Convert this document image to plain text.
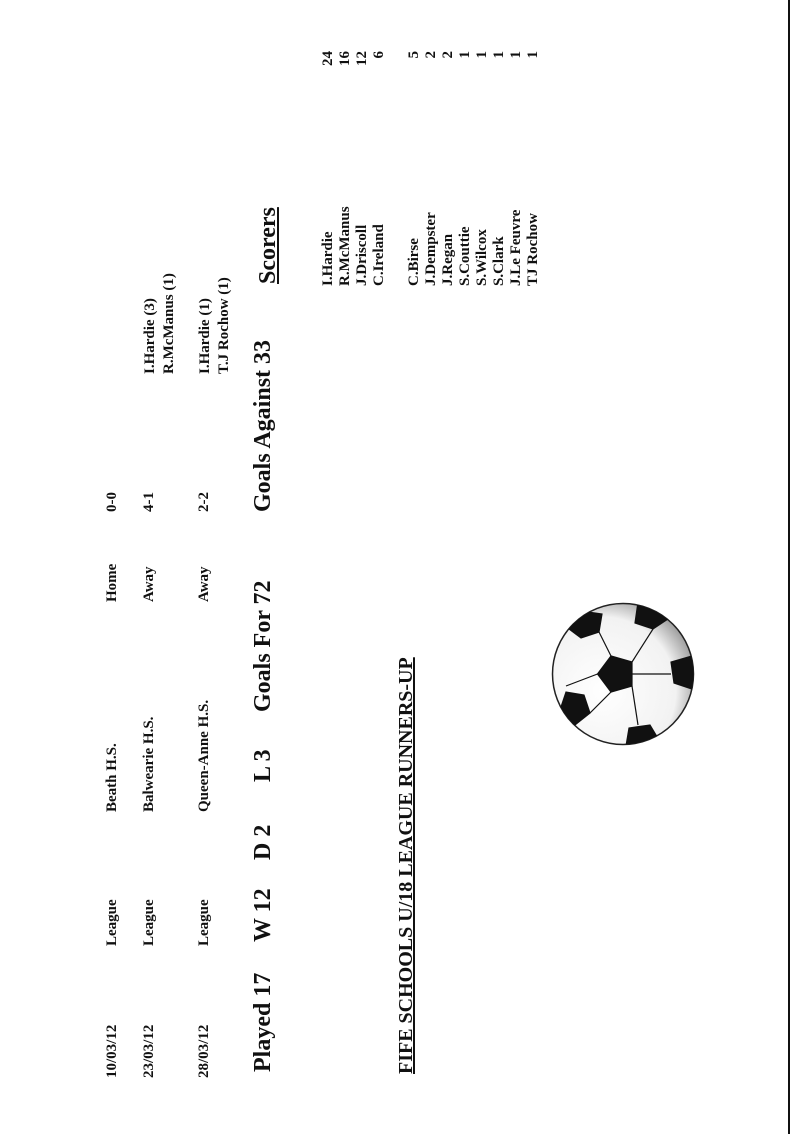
10/03/12
League
Beath H.S.
Home
0-0
23/03/12
League
Balwearie H.S.
Away
4-1
I.Hardie (3) R.McManus (1)
28/03/12
League
Queen-Anne H.S.
Away
2-2
I.Hardie (1) T.J Rochow (1)
Played 17
W 12
D 2
L 3
Goals For 72
Goals Against 33
Scorers	I.Hardie
24
R.McManus
16
J.Driscoll
12
C.Ireland
6
C.Birse
5
J.Dempster
2
J.Regan
2
S.Couttie
1
S.Wilcox
1
S.Clark
1
J.Le Feuvre
1
TJ Rochow
1
FIFE SCHOOLS U/18 LEAGUE RUNNERS-UP
